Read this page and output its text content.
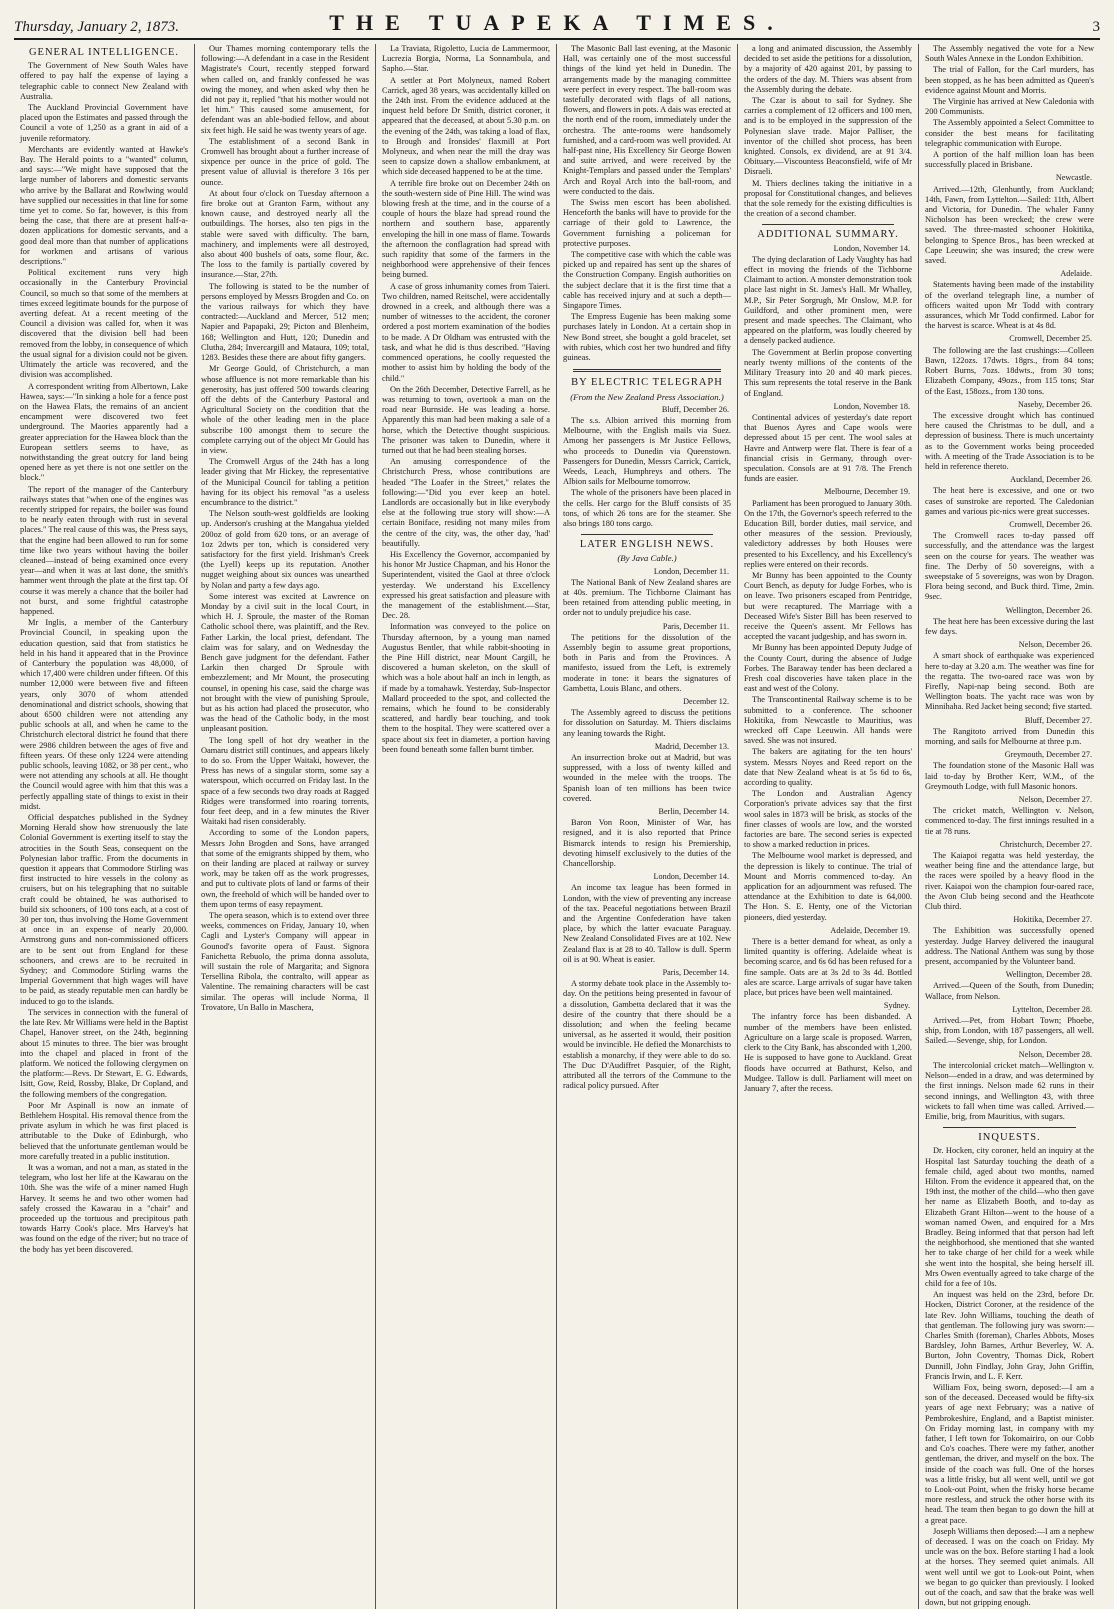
Thursday, January 2, 1873.	THE TUAPEKA TIMES.	3
GENERAL INTELLIGENCE.

The Government of New South Wales have offered to pay half the expense of laying a telegraphic cable to connect New Zealand with Australia.

The Auckland Provincial Government have placed upon the Estimates and passed through the Council a vote of 1,250 as a grant in aid of a juvenile reformatory.

Merchants are evidently wanted at Hawke's Bay. The Herald points to a "wanted" column, and says:—"We might have supposed that the large number of laborers and domestic servants who arrive by the Ballarat and Rowlwing would have supplied our necessities in that line for some time yet to come. So far, however, is this from being the case, that there are at present half-a-dozen applications for domestic servants, and a good deal more than that number of applications for workmen and artisans of various descriptions."

Political excitement runs very high occasionally in the Canterbury Provincial Council, so much so that some of the members at times exceed legitimate bounds for the purpose of averting defeat. At a recent meeting of the Council a division was called for, when it was discovered that the division bell had been removed from the lobby, in consequence of which the usual signal for a division could not be given. Ultimately the article was recovered, and the division was accomplished.

A correspondent writing from Albertown, Lake Hawea, says:—"In sinking a hole for a fence post on the Hawea Flats, the remains of an ancient encampment were discovered two feet underground. The Maories apparently had a greater appreciation for the Hawea block than the European settlers seems to have, as notwithstanding the great outcry for land being opened here as yet there is not one settler on the block."

The report of the manager of the Canterbury railways states that "when one of the engines was recently stripped for repairs, the boiler was found to be nearly eaten through with rust in several places." The real cause of this was, the Press says, that the engine had been allowed to run for some time like two years without having the boiler cleaned—instead of being examined once every year—and when it was at last done, the smith's hammer went through the plate at the first tap. Of course it was merely a chance that the boiler had not burst, and some frightful catastrophe happened.

Mr Inglis, a member of the Canterbury Provincial Council, in speaking upon the education question, said that from statistics he held in his hand it appeared that in the Province of Canterbury the population was 48,000, of which 17,400 were children under fifteen. Of this number 12,000 were between five and fifteen years, only 3070 of whom attended denominational and district schools, showing that about 6500 children were not attending any public schools at all, and when he came to the Christchurch electoral district he found that there were 2986 children between the ages of five and fifteen years. Of these only 1224 were attending public schools, leaving 1082, or 38 per cent., who were not attending any schools at all. He thought the Council would agree with him that this was a perfectly appalling state of things to exist in their midst.

Official despatches published in the Sydney Morning Herald show how strenuously the late Colonial Government is exerting itself to stay the atrocities in the South Seas, consequent on the Polynesian labor traffic. From the documents in question it appears that Commodore Stirling was first instructed to hire vessels in the colony as cruisers, but on his telegraphing that no suitable craft could be obtained, he was authorised to build six schooners, of 100 tons each, at a cost of 30 per ton, thus involving the Home Government at once in an expense of nearly 20,000. Armstrong guns and non-commissioned officers are to be sent out from England for these schooners, and crews are to be recruited in Sydney; and Commodore Stirling warns the Imperial Government that high wages will have to be paid, as steady reputable men can hardly be induced to go to the islands.

The services in connection with the funeral of the late Rev. Mr Williams were held in the Baptist Chapel, Hanover street, on the 24th, beginning about 15 minutes to three. The bier was brought into the chapel and placed in front of the platform. We noticed the following clergymen on the platform:—Revs. Dr Stewart, E. G. Edwards, Isitt, Gow, Reid, Rossby, Blake, Dr Copland, and the following members of the congregation.

Poor Mr Aspinall is now an inmate of Bethlehem Hospital. His removal thence from the private asylum in which he was first placed is attributable to the Duke of Edinburgh, who believed that the unfortunate gentleman would be more carefully treated in a public institution.

It was a woman, and not a man, as stated in the telegram, who lost her life at the Kawarau on the 10th. She was the wife of a miner named Hugh Harvey. It seems he and two other women had safely crossed the Kawarau in a "chair" and proceeded up the tortuous and precipitous path towards Harry Cook's place. Mrs Harvey's hat was found on the edge of the river; but no trace of the body has yet been discovered.

Our Thames morning contemporary tells the following:—A defendant in a case in the Resident Magistrate's Court, recently stepped forward when called on, and frankly confessed he was owing the money, and when asked why then he did not pay it, replied "that his mother would not let him." This caused some amusement, for defendant was an able-bodied fellow, and about six feet high. He said he was twenty years of age.

The establishment of a second Bank in Cromwell has brought about a further increase of sixpence per ounce in the price of gold. The present value of alluvial is therefore 3 16s per ounce.

At about four o'clock on Tuesday afternoon a fire broke out at Granton Farm, without any known cause, and destroyed nearly all the outbuildings. The horses, also ten pigs in the stable were saved with difficulty. The barn, machinery, and implements were all destroyed, also about 400 bushels of oats, some flour, &c. The loss to the family is partially covered by insurance.—Star, 27th.

The following is stated to be the number of persons employed by Messrs Brogden and Co. on the various railways for which they have contracted:—Auckland and Mercer, 512 men; Napier and Papapaki, 29; Picton and Blenheim, 168; Wellington and Hutt, 120; Dunedin and Clutha, 284; Invercargill and Mataura, 109; total, 1283. Besides these there are about fifty gangers.

Mr George Gould, of Christchurch, a man whose affluence is not more remarkable than his generosity, has just offered 500 towards clearing off the debts of the Canterbury Pastoral and Agricultural Society on the condition that the whole of the other leading men in the place subscribe 100 amongst them to secure the complete carrying out of the object Mr Gould has in view.

The Cromwell Argus of the 24th has a long leader giving that Mr Hickey, the representative of the Municipal Council for tabling a petition having for its object his removal "as a useless encumbrance to the district."

The Nelson south-west goldfields are looking up. Anderson's crushing at the Mangahua yielded 200oz of gold from 620 tons, or an average of 1oz 2dwts per ton, which is considered very satisfactory for the first yield. Irishman's Creek (the Lyell) keeps up its reputation. Another nugget weighing about six ounces was unearthed by Nolan and party a few days ago.

Some interest was excited at Lawrence on Monday by a civil suit in the local Court, in which H. J. Sproule, the master of the Roman Catholic school there, was plaintiff, and the Rev. Father Larkin, the local priest, defendant. The claim was for salary, and on Wednesday the Bench gave judgment for the defendant. Father Larkin then charged Dr Sproule with embezzlement; and Mr Mount, the prosecuting counsel, in opening his case, said the charge was not brought with the view of punishing Sproule, but as his action had placed the prosecutor, who was the head of the Catholic body, in the most unpleasant position.

The long spell of hot dry weather in the Oamaru district still continues, and appears likely to do so. From the Upper Waitaki, however, the Press has news of a singular storm, some say a waterspout, which occurred on Friday last. In the space of a few seconds two dray roads at Ragged Ridges were transformed into roaring torrents, four feet deep, and in a few minutes the River Waitaki had risen considerably.

According to some of the London papers, Messrs John Brogden and Sons, have arranged that some of the emigrants shipped by them, who on their landing are placed at railway or survey work, may be taken off as the work progresses, and put to cultivate plots of land or farms of their own, the freehold of which will be handed over to them upon terms of easy repayment.

The opera season, which is to extend over three weeks, commences on Friday, January 10, when Cagli and Lyster's Company will appear in Gounod's favorite opera of Faust. Signora Fanichetta Rebuolo, the prima donna assoluta, will sustain the role of Margarita; and Signora Tersellina Ribola, the contralto, will appear as Valentine. The remaining characters will be cast similar. The operas will include Norma, Il Trovatore, Un Ballo in Maschera,

La Traviata, Rigoletto, Lucia de Lammermoor, Lucrezia Borgia, Norma, La Sonnambula, and Sapho.—Star.

A settler at Port Molyneux, named Robert Carrick, aged 38 years, was accidentally killed on the 24th inst. From the evidence adduced at the inquest held before Dr Smith, district coroner, it appeared that the deceased, at about 5.30 p.m. on the evening of the 24th, was taking a load of flax, to Brough and Ironsides' flaxmill at Port Molyneux, and when near the mill the dray was seen to capsize down a shallow embankment, at which side deceased happened to be at the time.

A terrible fire broke out on December 24th on the south-western side of Pine Hill. The wind was blowing fresh at the time, and in the course of a couple of hours the blaze had spread round the northern and southern base, apparently enveloping the hill in one mass of flame. Towards the afternoon the conflagration had spread with such rapidity that some of the farmers in the neighborhood were apprehensive of their fences being burned.

A case of gross inhumanity comes from Taieri. Two children, named Reitschel, were accidentally drowned in a creek, and although there was a number of witnesses to the accident, the coroner ordered a post mortem examination of the bodies to be made. A Dr Oldham was entrusted with the task, and what he did is thus described. "Having commenced operations, he coolly requested the mother to assist him by holding the body of the child."

On the 26th December, Detective Farrell, as he was returning to town, overtook a man on the road near Burnside. He was leading a horse. Apparently this man had been making a sale of a horse, which the Detective thought suspicious. The prisoner was taken to Dunedin, where it turned out that he had been stealing horses.

An amusing correspondence of the Christchurch Press, whose contributions are headed "The Loafer in the Street," relates the following:—"Did you ever keep an hotel. Landlords are occasionally but in like everybody else at the following true story will show:—A certain Boniface, residing not many miles from the centre of the city, was, the other day, 'had' beautifully.

His Excellency the Governor, accompanied by his honor Mr Justice Chapman, and his Honor the Superintendent, visited the Gaol at three o'clock yesterday. We understand his Excellency expressed his great satisfaction and pleasure with the management of the establishment.—Star, Dec. 28.

Information was conveyed to the police on Thursday afternoon, by a young man named Augustus Bentler, that while rabbit-shooting in the Pine Hill district, near Mount Cargill, he discovered a human skeleton, on the skull of which was a hole about half an inch in length, as if made by a tomahawk. Yesterday, Sub-Inspector Mallard proceeded to the spot, and collected the remains, which he found to be considerably scattered, and hardly bear touching, and took them to the hospital. They were scattered over a space about six feet in diameter, a portion having been found beneath some fallen burnt timber.

The Masonic Ball last evening, at the Masonic Hall, was certainly one of the most successful things of the kind yet held in Dunedin. The arrangements made by the managing committee were perfect in every respect. The ball-room was tastefully decorated with flags of all nations, flowers, and flowers in pots. A dais was erected at the north end of the room, immediately under the orchestra. The ante-rooms were handsomely furnished, and a card-room was well provided. At half-past nine, His Excellency Sir George Bowen and suite arrived, and were received by the Knight-Templars and passed under the Templars' Arch and Royal Arch into the ball-room, and were conducted to the dais.

The Swiss men escort has been abolished. Henceforth the banks will have to provide for the carriage of their gold to Lawrence, the Government furnishing a policeman for protective purposes.

The competitive case with which the cable was picked up and repaired has sent up the shares of the Construction Company. Engish authorities on the subject declare that it is the first time that a cable has received injury and at such a depth—Singapore Times.

The Empress Eugenie has been making some purchases lately in London. At a certain shop in New Bond street, she bought a gold bracelet, set with rubies, which cost her two hundred and fifty guineas.

BY ELECTRIC TELEGRAPH
(From the New Zealand Press Association.)
Bluff, December 26.

The s.s. Albion arrived this morning from Melbourne, with the English mails via Suez. Among her passengers is Mr Justice Fellows, who proceeds to Dunedin via Queenstown. Passengers for Dunedin, Messrs Carrick, Carrick, Weeds, Leach, Humphreys and others. The Albion sails for Melbourne tomorrow.

The whole of the prisoners have been placed in the cells. Her cargo for the Bluff consists of 35 tons, of which 26 tons are for the steamer. She also brings 180 tons cargo.

LATER ENGLISH NEWS.
(By Java Cable.)
London, December 11.

The National Bank of New Zealand shares are at 40s. premium. The Tichborne Claimant has been retained from attending public meeting, in order not to unduly prejudice his case.

Paris, December 11.

The petitions for the dissolution of the Assembly begin to assume great proportions, both in Paris and from the Provinces. A manifesto, issued from the Left, is extremely moderate in tone: it bears the signatures of Gambetta, Louis Blanc, and others.

December 12.

The Assembly agreed to discuss the petitions for dissolution on Saturday. M. Thiers disclaims any leaning towards the Right.

Madrid, December 13.

An insurrection broke out at Madrid, but was suppressed, with a loss of twenty killed and wounded in the melee with the troops. The Spanish loan of ten millions has been twice covered.

Berlin, December 14.

Baron Von Roon, Minister of War, has resigned, and it is also reported that Prince Bismarck intends to resign his Premiership, devoting himself exclusively to the duties of the Chancellorship.

London, December 14.

An income tax league has been formed in London, with the view of preventing any increase of the tax. Peaceful negotiations between Brazil and the Argentine Confederation have taken place, by which the latter evacuate Paraguay. New Zealand Consolidated Fives are at 102. New Zealand flax is at 28 to 40. Tallow is dull. Sperm oil is at 90. Wheat is easier.

Paris, December 14.

A stormy debate took place in the Assembly to-day. On the petitions being presented in favour of a dissolution, Gambetta declared that it was the desire of the country that there should be a dissolution; and when the feeling became universal, as he asserted it would, their position would be invincible. He defied the Monarchists to establish a monarchy, if they were able to do so. The Duc D'Audiffret Pasquier, of the Right, attributed all the terrors of the Commune to the radical policy pursued. After

a long and animated discussion, the Assembly decided to set aside the petitions for a dissolution, by a majority of 420 against 201, by passing to the orders of the day. M. Thiers was absent from the Assembly during the debate.

The Czar is about to sail for Sydney. She carries a complement of 12 officers and 100 men, and is to be employed in the suppression of the Polynesian slave trade. Major Palliser, the inventor of the chilled shot process, has been knighted. Consols, ex dividend, are at 91 3/4. Obituary.—Viscountess Beaconsfield, wife of Mr Disraeli.

M. Thiers declines taking the initiative in a proposal for Constitutional changes, and believes that the sole remedy for the existing difficulties is the creation of a second chamber.

ADDITIONAL SUMMARY.
London, November 14.

The dying declaration of Lady Vaughty has had effect in moving the friends of the Tichborne Claimant to action. A monster demonstration took place last night in St. James's Hall. Mr Whalley, M.P., Sir Peter Sorgrugh, Mr Onslow, M.P. for Guildford, and other prominent men, were present and made speeches. The Claimant, who appeared on the platform, was loudly cheered by a densely packed audience.

The Government at Berlin propose converting nearly twenty millions of the contents of the Military Treasury into 20 and 40 mark pieces. This sum represents the total reserve in the Bank of England.

London, November 18.

Continental advices of yesterday's date report that Buenos Ayres and Cape wools were depressed about 15 per cent. The wool sales at Havre and Antwerp were flat. There is fear of a financial crisis in Germany, through over-speculation. Consols are at 91 7/8. The French funds are easier.

Melbourne, December 19.

Parliament has been prorogued to January 30th. On the 17th, the Governor's speech referred to the Education Bill, border duties, mail service, and other measures of the session. Previously, valedictory addresses by both Houses were presented to his Excellency, and his Excellency's replies were entered on their records.

Mr Bunny has been appointed to the County Court Bench, as deputy for Judge Forbes, who is on leave. Two prisoners escaped from Pentridge, but were recaptured. The Marriage with a Deceased Wife's Sister Bill has been reserved to receive the Queen's assent. Mr Fellows has accepted the vacant judgeship, and has sworn in.

Mr Bunny has been appointed Deputy Judge of the County Court, during the absence of Judge Forbes. The Baraway tender has been declared a Fresh coal discoveries have taken place in the east and west of the Colony.

The Transcontinental Railway scheme is to be submitted to a conference. The schooner Hokitika, from Newcastle to Mauritius, was wrecked off Cape Leeuwin. All hands were saved. She was not insured.

The bakers are agitating for the ten hours' system. Messrs Noyes and Reed report on the date that New Zealand wheat is at 5s 6d to 6s, according to quality.

The London and Australian Agency Corporation's private advices say that the first wool sales in 1873 will be brisk, as stocks of the finer classes of wools are low, and the worsted factories are bare. The second series is expected to show a marked reduction in prices.

The Melbourne wool market is depressed, and the depression is likely to continue. The trial of Mount and Morris commenced to-day. An application for an adjournment was refused. The attendance at the Exhibition to date is 64,000. The Hon. S. E. Henty, one of the Victorian pioneers, died yesterday.

Adelaide, December 19.

There is a better demand for wheat, as only a limited quantity is offering. Adelaide wheat is becoming scarce, and 6s 6d has been refused for a fine sample. Oats are at 3s 2d to 3s 4d. Bottled ales are scarce. Large arrivals of sugar have taken place, but prices have been well maintained.

Sydney.

The infantry force has been disbanded. A number of the members have been enlisted. Agriculture on a large scale is proposed. Warren, clerk to the City Bank, has absconded with 1,200. He is supposed to have gone to Auckland. Great floods have occurred at Bathurst, Kelso, and Mudgee. Tallow is dull. Parliament will meet on January 7, after the recess.

The Assembly negatived the vote for a New South Wales Annexe in the London Exhibition.

The trial of Fallon, for the Carl murders, has been stopped, as he has been admitted as Queen's evidence against Mount and Morris.

The Virginie has arrived at New Caledonia with 200 Communists.

The Assembly appointed a Select Committee to consider the best means for facilitating telegraphic communication with Europe.

A portion of the half million loan has been successfully placed in Brisbane.

Newcastle.

Arrived.—12th, Glenhuntly, from Auckland; 14th, Fawn, from Lyttelton.—Sailed: 11th, Albert and Victoria, for Dunedin. The whaler Fanny Nicholson has been wrecked; the crew were saved. The three-masted schooner Hokitika, belonging to Spence Bros., has been wrecked at Cape Leeuwin; she was insured; the crew were saved.

Adelaide.

Statements having been made of the instability of the overland telegraph line, a number of officers waited upon Mr Todd with contrary assurances, which Mr Todd confirmed. Labor for the harvest is scarce. Wheat is at 4s 8d.

Cromwell, December 25.

The following are the last crushings:—Colleen Bawn, 122ozs. 17dwts. 18grs., from 84 tons; Robert Burns, 7ozs. 18dwts., from 30 tons; Elizabeth Company, 49ozs., from 115 tons; Star of the East, 158ozs., from 130 tons.

Naseby, December 26.

The excessive drought which has continued here caused the Christmas to be dull, and a depression of business. There is much uncertainty as to the Government works being proceeded with. A meeting of the Trade Association is to be held in reference thereto.

Auckland, December 26.

The heat here is excessive, and one or two cases of sunstroke are reported. The Caledonian games and various pic-nics were great successes.

Cromwell, December 26.

The Cromwell races to-day passed off successfully, and the attendance was the largest seen on the course for years. The weather was fine. The Derby of 50 sovereigns, with a sweepstake of 5 sovereigns, was won by Dragon. Flora being second, and Buck third. Time, 2min. 9sec.

Wellington, December 26.

The heat here has been excessive during the last few days.

Nelson, December 26.

A smart shock of earthquake was experienced here to-day at 3.20 a.m. The weather was fine for the regatta. The two-oared race was won by Firefly, Napi-nap being second. Both are Wellington boats. The yacht race was won by Minnihaha. Red Jacket being second; five started.

Bluff, December 27.

The Rangitoto arrived from Dunedin this morning, and sails for Melbourne at three p.m.

Greymouth, December 27.

The foundation stone of the Masonic Hall was laid to-day by Brother Kerr, W.M., of the Greymouth Lodge, with full Masonic honors.

Nelson, December 27.

The cricket match, Wellington v. Nelson, commenced to-day. The first innings resulted in a tie at 78 runs.

Christchurch, December 27.

The Kaiapoi regatta was held yesterday, the weather being fine and the attendance large, but the races were spoiled by a heavy flood in the river. Kaiapoi won the champion four-oared race, the Avon Club being second and the Heathcote Club third.

Hokitika, December 27.

The Exhibition was successfully opened yesterday. Judge Harvey delivered the inaugural address. The National Anthem was sung by those present, accompanied by the Volunteer band.

Wellington, December 28.

Arrived.—Queen of the South, from Dunedin; Wallace, from Nelson.

Lyttelton, December 28.

Arrived.—Pet, from Hobart Town; Phoebe, ship, from London, with 187 passengers, all well. Sailed.—Sevenge, ship, for London.

Nelson, December 28.

The intercolonial cricket match—Wellington v. Nelson—ended in a draw, and was determined by the first innings. Nelson made 62 runs in their second innings, and Wellington 43, with three wickets to fall when time was called. Arrived.—Emilie, brig, from Mauritius, with sugars.

INQUESTS.

Dr. Hocken, city coroner, held an inquiry at the Hospital last Saturday touching the death of a female child, aged about two months, named Hilton. From the evidence it appeared that, on the 19th inst, the mother of the child—who then gave her name as Elizabeth Booth, and to-day as Elizabeth Grant Hilton—went to the house of a woman named Owen, and enquired for a Mrs Bradley. Being informed that that person had left the neighborhood, she mentioned that she wanted her to take charge of her child for a week while she went into the hospital, she being herself ill. Mrs Owen eventually agreed to take charge of the child for a fee of 10s.

An inquest was held on the 23rd, before Dr. Hocken, District Coroner, at the residence of the late Rev. John Williams, touching the death of that gentleman. The following jury was sworn:—Charles Smith (foreman), Charles Abbots, Moses Bardsley, John Barnes, Arthur Beverley, W. A. Burton, John Coventry, Thomas Dick, Robert Dunnill, John Findlay, John Gray, John Griffin, Francis Irwin, and L. F. Kerr.

William Fox, being sworn, deposed:—I am a son of the deceased. Deceased would be fifty-six years of age next February; was a native of Pembrokeshire, England, and a Baptist minister. On Friday morning last, in company with my father, I left town for Tokomairiro, on our Cobb and Co's coaches. There were my father, another gentleman, the driver, and myself on the box. The inside of the coach was full. One of the horses was a little frisky, but all went well, until we got to Look-out Point, when the frisky horse became more restless, and struck the other horse with its head. The team then began to go down the hill at a great pace.

Joseph Williams then deposed:—I am a nephew of deceased. I was on the coach on Friday. My uncle was on the box. Before starting I had a look at the horses. They seemed quiet animals. All went well until we got to Look-out Point, when we began to go quicker than previously. I looked out of the coach, and saw that the brake was well down, but not gripping enough.
